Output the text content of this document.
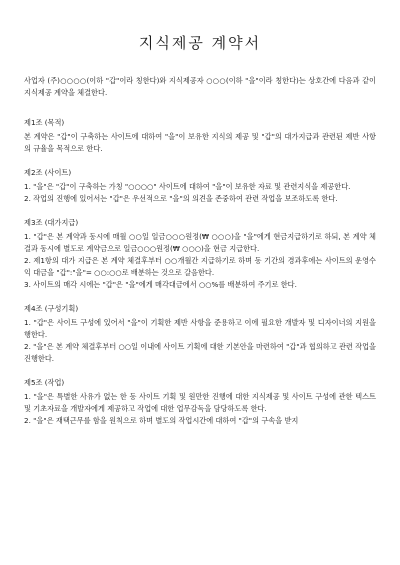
지식제공 계약서

사업자 (주)○○○○(이하 "갑"이라 칭한다)와 지식제공자 ○○○(이하 "을"이라 칭한다)는 상호간에 다음과 같이 지식제공 계약을 체결한다.

제1조 (목적)

본 계약은 "갑"이 구축하는 사이트에 대하여 "을"이 보유한 지식의 제공 및 "갑"의 대가지급과 관련된 제반 사항의 규율을 목적으로 한다.

제2조 (사이트)

1. "을"은 "갑"이 구축하는 가칭 "○○○○" 사이트에 대하여 "을"이 보유한 자료 및 관련지식을 제공한다.

2. 작업의 진행에 있어서는 "갑"은 우선적으로 "을"의 의견을 존중하여 관련 작업을 보조하도록 한다.

제3조 (대가지급)

1. "갑"은 본 계약과 동시에 매월 ○○일 일금○○○원정(₩ ○○○)을 "을"에게 현금지급하기로 하되, 본 계약 체결과 동시에 별도로 계약금으로 일금○○○원정(₩ ○○○)을 현금 지급한다.

2. 제1항의 대가 지급은 본 계약 체결후부터 ○○개월간 지급하기로 하며 동 기간의 경과후에는 사이트의 운영수익 대금을 "갑":"을"= ○○:○○로 배분하는 것으로 갈음한다.

3. 사이트의 매각 시에는 "갑"은 "을"에게 매각대금에서 ○○%를 배분하여 주기로 한다.

제4조 (구성기획)

1. "갑"은 사이트 구성에 있어서 "을"이 기획한 제반 사항을 준용하고 이에 필요한 개발자 및 디자이너의 지원을 행한다.

2. "을"은 본 계약 체결후부터 ○○일 이내에 사이트 기획에 대한 기본안을 마련하여 "갑"과 협의하고 관련 작업을 진행한다.

제5조 (작업)

1. "을"은 특별한 사유가 없는 한 동 사이트 기획 및 원만한 진행에 대한 지식제공 및 사이트 구성에 관한 텍스트 및 기초자료을 개발자에게 제공하고 작업에 대한 업무감독을 담당하도록 한다.

2. "을"은 재택근무를 함을 원칙으로 하며 별도의 작업시간에 대하여 "갑"의 구속을 받지
